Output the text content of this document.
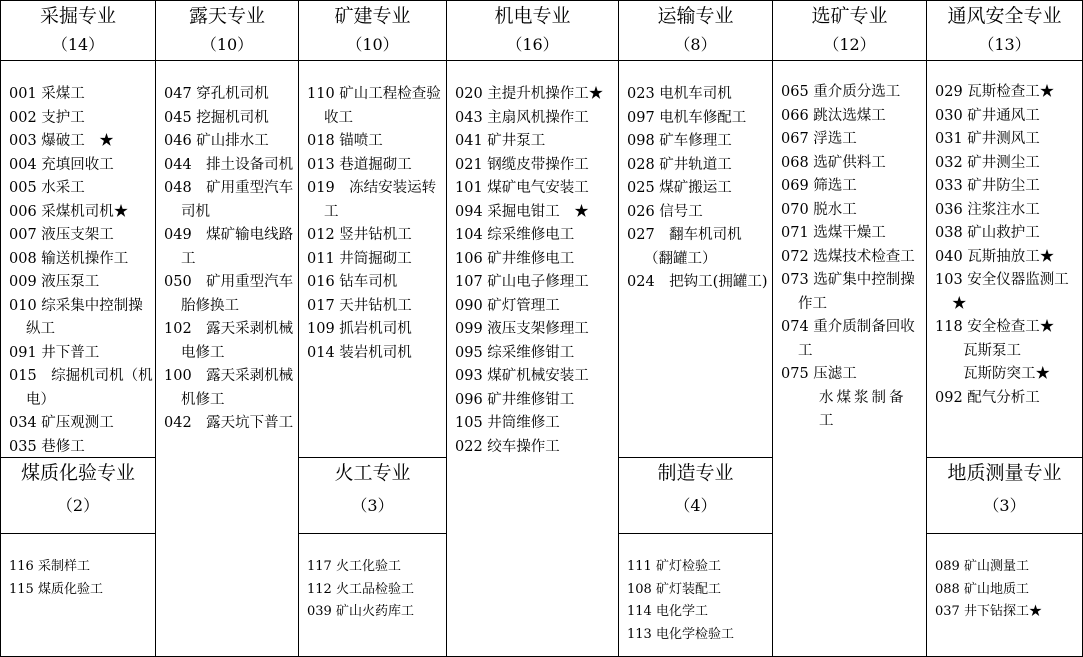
采掘专业
（14）
露天专业
（10）
矿建专业
（10）
机电专业
（16）
运输专业
（8）
选矿专业
（12）
通风安全专业
（13）
001 采煤工
002 支护工
003 爆破工　★
004 充填回收工
005 水采工
006 采煤机司机★
007 液压支架工
008 输送机操作工
009 液压泵工
010 综采集中控制操纵工
091 井下普工
015　综掘机司机（机电）
034 矿压观测工
035 巷修工
047 穿孔机司机
045 挖掘机司机
046 矿山排水工
044　排土设备司机
048　矿用重型汽车司机
049　煤矿输电线路工
050　矿用重型汽车胎修换工
102　露天采剥机械电修工
100　露天采剥机械机修工
042　露天坑下普工
110 矿山工程检查验收工
018 锚喷工
013 巷道掘砌工
019　冻结安装运转工
012 竖井钻机工
011 井筒掘砌工
016 钻车司机
017 天井钻机工
109 抓岩机司机
014 装岩机司机
020 主提升机操作工★
043 主扇风机操作工
041 矿井泵工
021 钢缆皮带操作工
101 煤矿电气安装工
094 采掘电钳工　★
104 综采维修电工
106 矿井维修电工
107 矿山电子修理工
090 矿灯管理工
099 液压支架修理工
095 综采维修钳工
093 煤矿机械安装工
096 矿井维修钳工
105 井筒维修工
022 绞车操作工
023 电机车司机
097 电机车修配工
098 矿车修理工
028 矿井轨道工
025 煤矿搬运工
026 信号工
027　翻车机司机（翻罐工）
024　把钩工(拥罐工)
065 重介质分选工
066 跳汰选煤工
067 浮选工
068 选矿供料工
069 筛选工
070 脱水工
071 选煤干燥工
072 选煤技术检查工
073 选矿集中控制操作工
074 重介质制备回收工
075 压滤工
水煤浆制备工
029 瓦斯检查工★
030 矿井通风工
031 矿井测风工
032 矿井测尘工
033 矿井防尘工
036 注浆注水工
038 矿山救护工
040 瓦斯抽放工★
103 安全仪器监测工★
118 安全检查工★
瓦斯泵工
瓦斯防突工★
092 配气分析工
煤质化验专业
（2）
火工专业
（3）
制造专业
（4）
地质测量专业
（3）
116 采制样工
115 煤质化验工
117 火工化验工
112 火工品检验工
039 矿山火药库工
111 矿灯检验工
108 矿灯装配工
114 电化学工
113 电化学检验工
089 矿山测量工
088 矿山地质工
037 井下钻探工★
